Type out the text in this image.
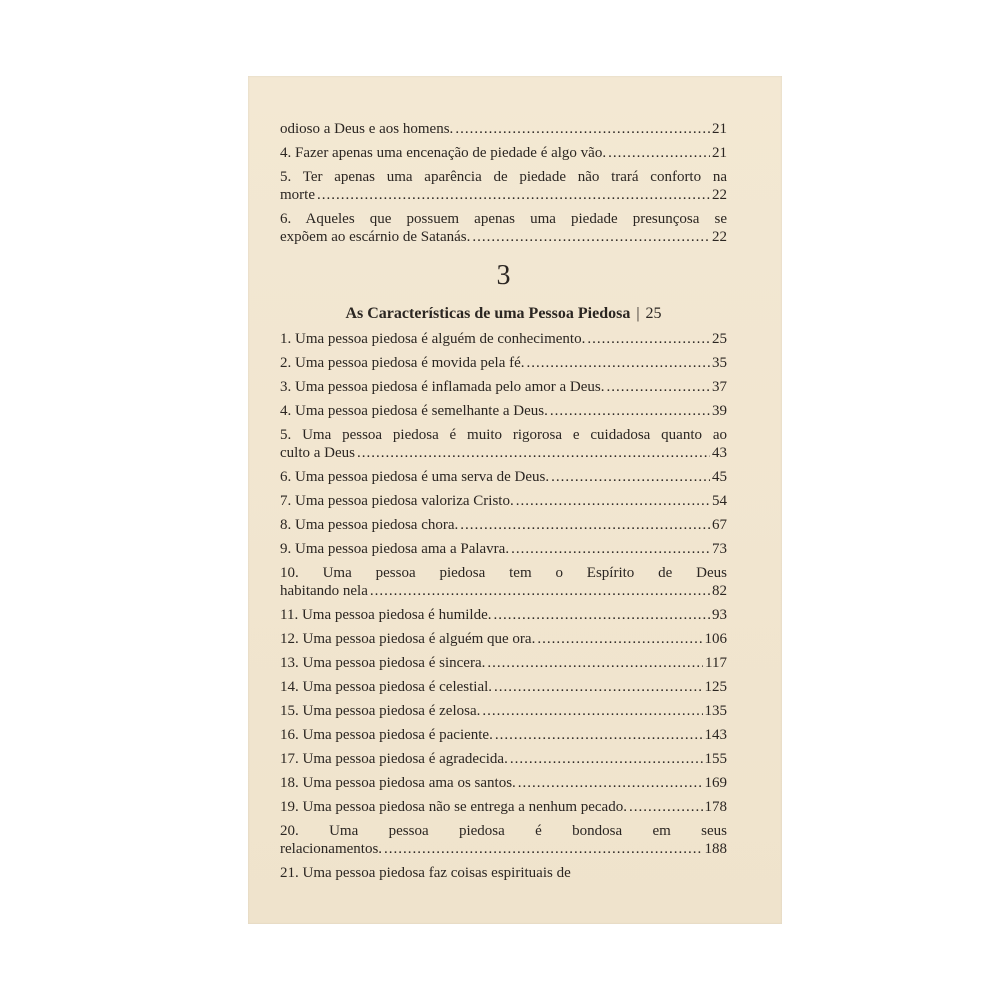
odioso a Deus e aos homens. .....	21
4. Fazer apenas uma encenação de piedade é algo vão. .....	21
5. Ter apenas uma aparência de piedade não trará conforto na
morte .....	22
6. Aqueles que possuem apenas uma piedade presunçosa se
expõem ao escárnio de Satanás. .....	22
3
As Características de uma Pessoa Piedosa | 25
1. Uma pessoa piedosa é alguém de conhecimento. .....	25
2. Uma pessoa piedosa é movida pela fé. .....	35
3. Uma pessoa piedosa é inflamada pelo amor a Deus. .....	37
4. Uma pessoa piedosa é semelhante a Deus. .....	39
5. Uma pessoa piedosa é muito rigorosa e cuidadosa quanto ao
culto a Deus .....	43
6. Uma pessoa piedosa é uma serva de Deus. .....	45
7. Uma pessoa piedosa valoriza Cristo. .....	54
8. Uma pessoa piedosa chora. .....	67
9. Uma pessoa piedosa ama a Palavra. .....	73
10. Uma pessoa piedosa tem o Espírito de Deus
habitando nela .....	82
11. Uma pessoa piedosa é humilde. .....	93
12. Uma pessoa piedosa é alguém que ora. .....	106
13. Uma pessoa piedosa é sincera. .....	117
14. Uma pessoa piedosa é celestial. .....	125
15. Uma pessoa piedosa é zelosa. .....	135
16. Uma pessoa piedosa é paciente. .....	143
17. Uma pessoa piedosa é agradecida. .....	155
18. Uma pessoa piedosa ama os santos. .....	169
19. Uma pessoa piedosa não se entrega a nenhum pecado. .....	178
20. Uma pessoa piedosa é bondosa em seus
relacionamentos. .....	188
21. Uma pessoa piedosa faz coisas espirituais de
